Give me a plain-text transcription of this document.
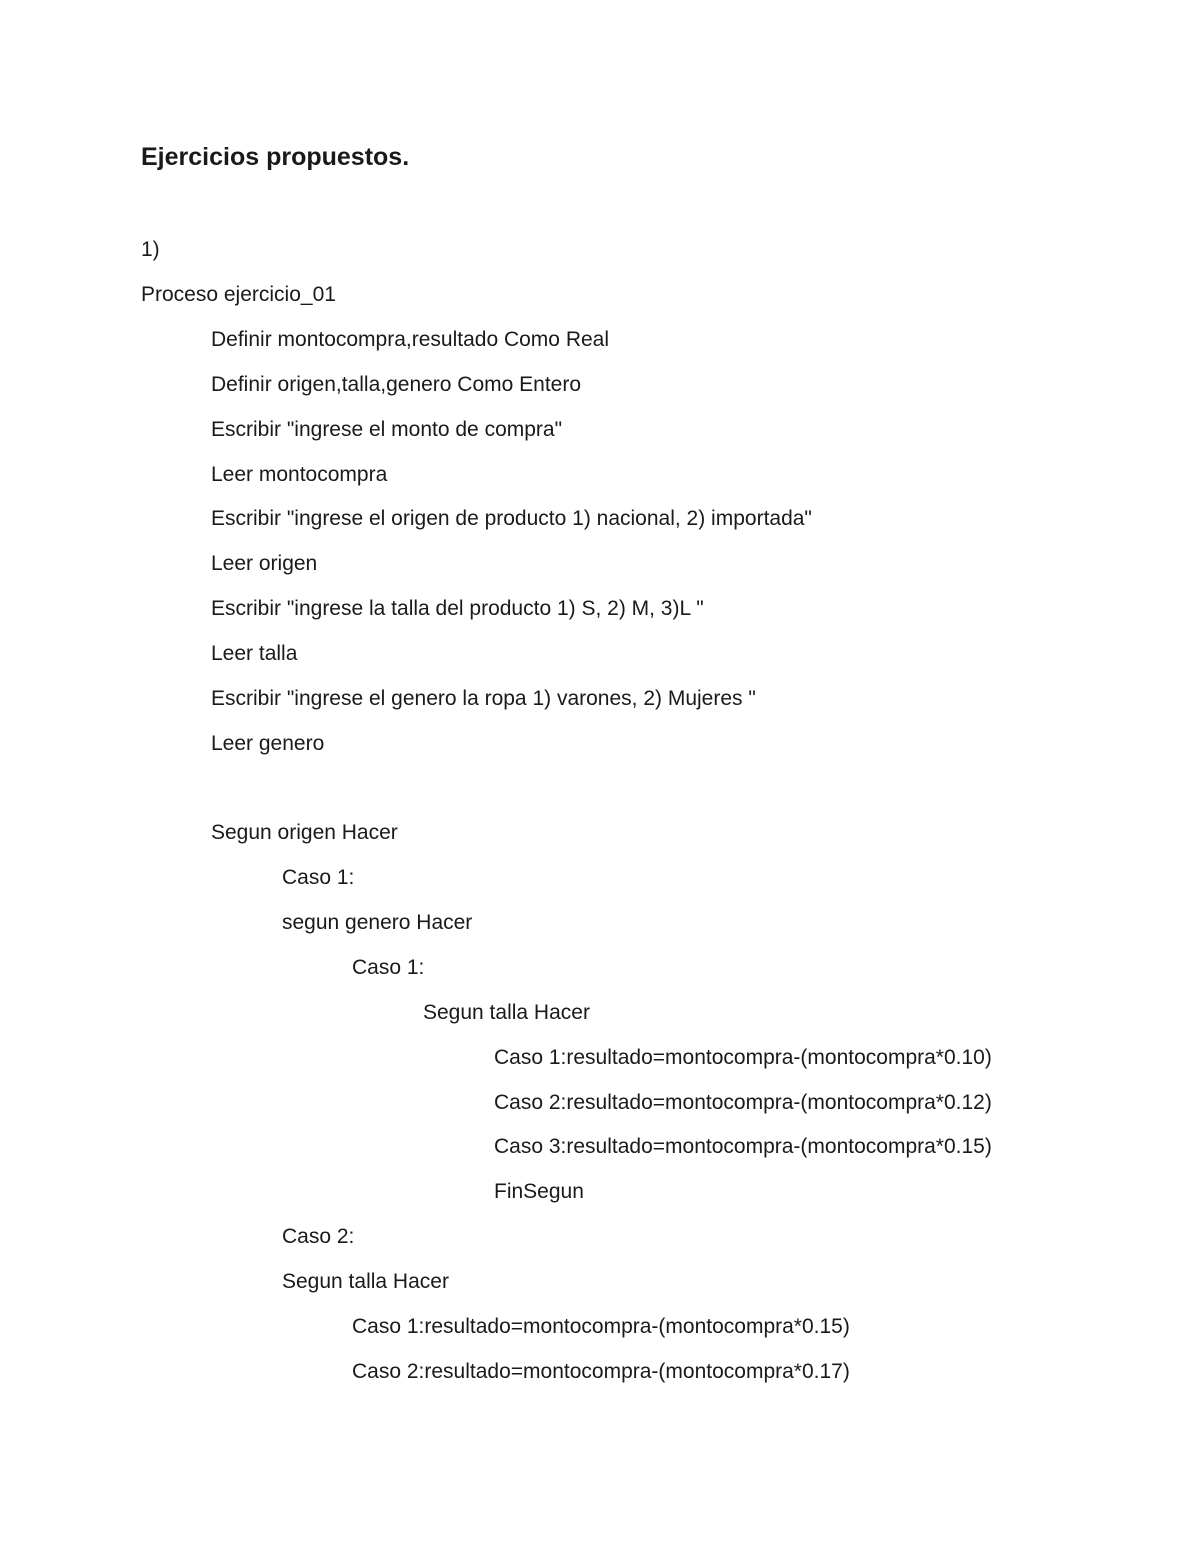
Ejercicios propuestos.
1)
Proceso ejercicio_01
Definir montocompra,resultado Como Real
Definir origen,talla,genero Como Entero
Escribir "ingrese el monto de compra"
Leer montocompra
Escribir "ingrese el origen de producto 1) nacional, 2) importada"
Leer origen
Escribir "ingrese la talla del producto 1) S, 2) M, 3)L "
Leer talla
Escribir "ingrese el genero la ropa 1) varones, 2) Mujeres "
Leer genero
Segun origen Hacer
Caso 1:
segun genero Hacer
Caso 1:
Segun talla Hacer
Caso 1:resultado=montocompra-(montocompra*0.10)
Caso 2:resultado=montocompra-(montocompra*0.12)
Caso 3:resultado=montocompra-(montocompra*0.15)
FinSegun
Caso 2:
Segun talla Hacer
Caso 1:resultado=montocompra-(montocompra*0.15)
Caso 2:resultado=montocompra-(montocompra*0.17)
